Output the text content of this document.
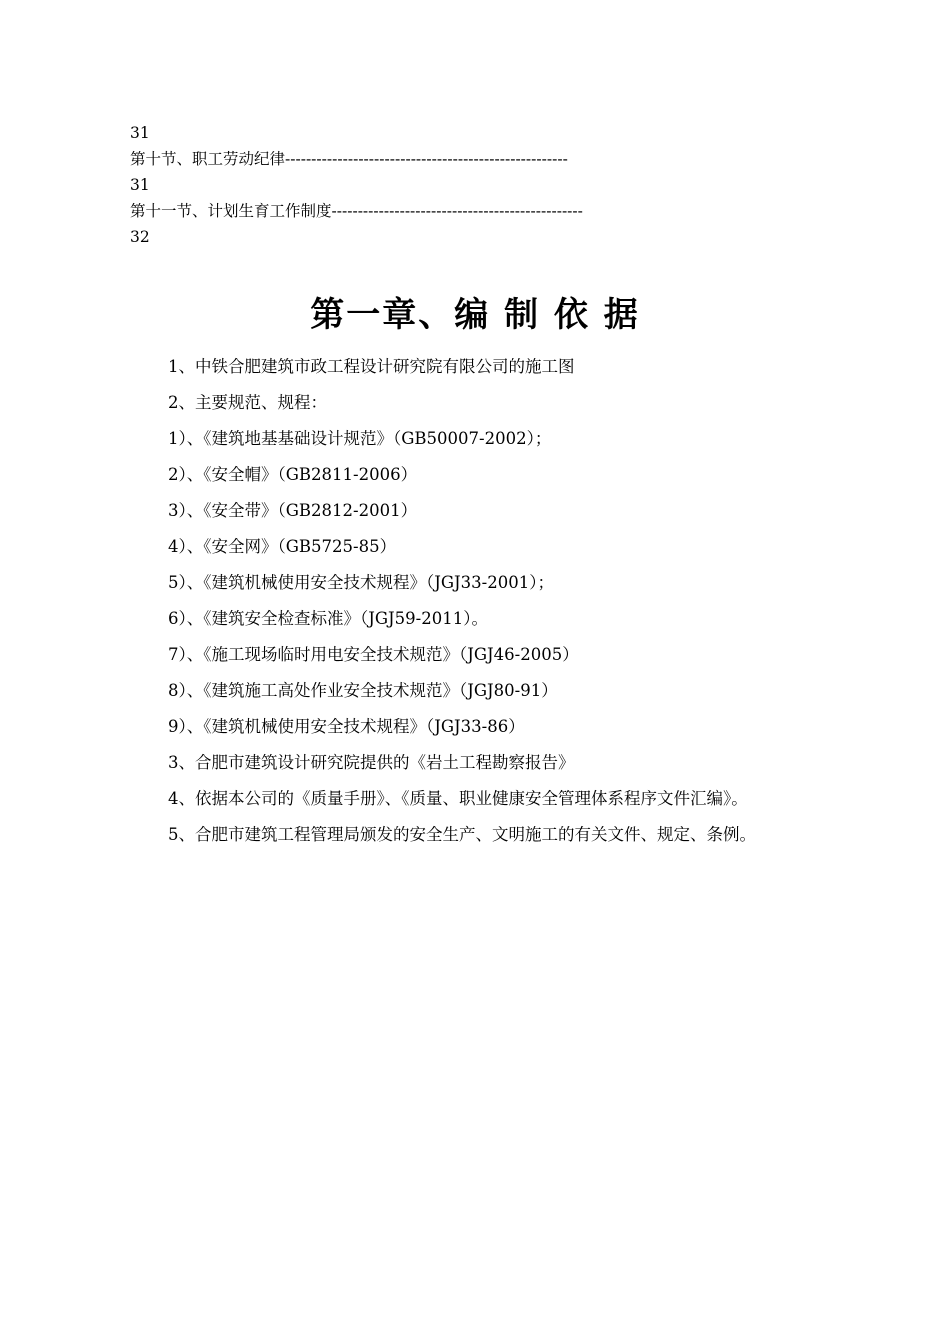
31
第十节、职工劳动纪律------------------------------------------------------
31
第十一节、计划生育工作制度------------------------------------------------
32
第一章、编 制 依 据

1、中铁合肥建筑市政工程设计研究院有限公司的施工图

2、主要规范、规程：

1）、《建筑地基基础设计规范》（GB50007-2002）；

2）、《安全帽》（GB2811-2006）

3）、《安全带》（GB2812-2001）

4）、《安全网》（GB5725-85）

5）、《建筑机械使用安全技术规程》（JGJ33-2001）；

6）、《建筑安全检查标准》（JGJ59-2011）。

7）、《施工现场临时用电安全技术规范》（JGJ46-2005）

8）、《建筑施工高处作业安全技术规范》（JGJ80-91）

9）、《建筑机械使用安全技术规程》（JGJ33-86）

3、合肥市建筑设计研究院提供的《岩土工程勘察报告》

4、依据本公司的《质量手册》、《质量、职业健康安全管理体系程序文件汇编》。

5、合肥市建筑工程管理局颁发的安全生产、文明施工的有关文件、规定、条例。
